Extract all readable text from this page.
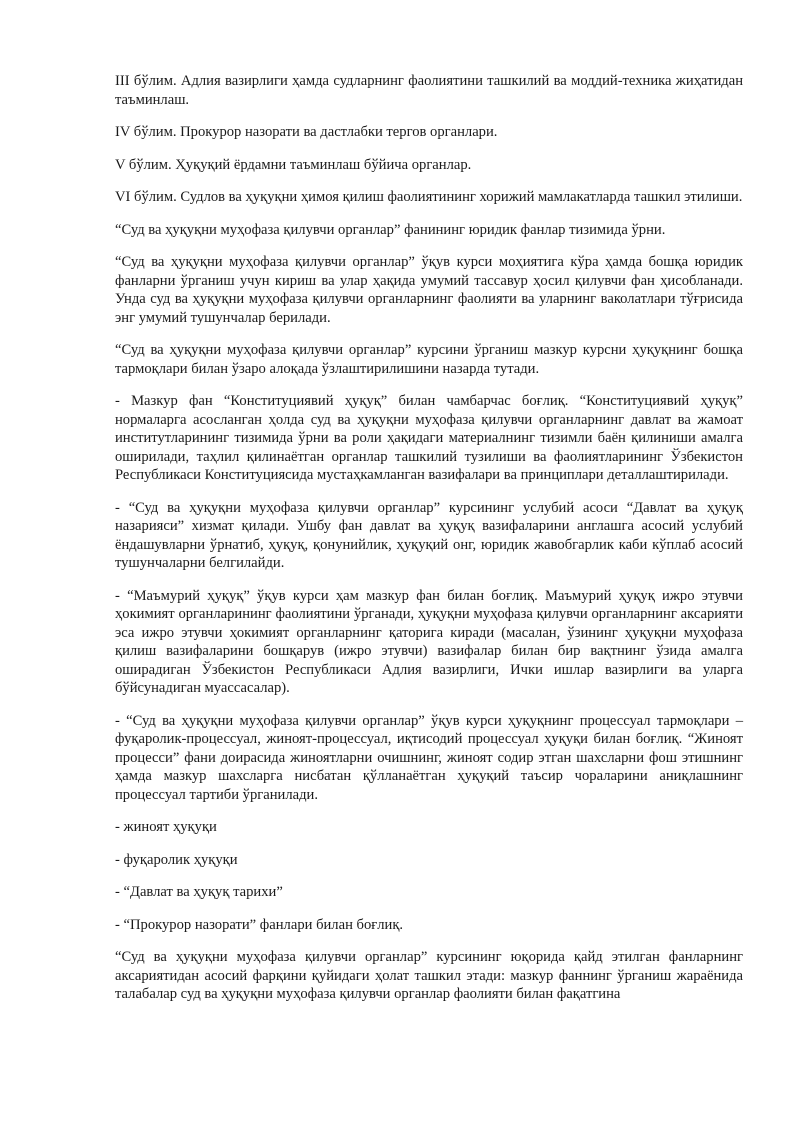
III бўлим. Адлия вазирлиги ҳамда судларнинг фаолиятини ташкилий ва моддий-техника жиҳатидан таъминлаш.

IV бўлим. Прокурор назорати ва дастлабки тергов органлари.

V бўлим. Ҳуқуқий ёрдамни таъминлаш бўйича органлар.

VI бўлим. Судлов ва ҳуқуқни ҳимоя қилиш фаолиятининг хорижий мамлакатларда ташкил этилиши.

“Суд ва ҳуқуқни муҳофаза қилувчи органлар” фанининг юридик фанлар тизимида ўрни.

“Суд ва ҳуқуқни муҳофаза қилувчи органлар” ўқув курси моҳиятига кўра ҳамда бошқа юридик фанларни ўрганиш учун кириш ва улар ҳақида умумий тассавур ҳосил қилувчи фан ҳисобланади. Унда суд ва ҳуқуқни муҳофаза қилувчи органларнинг фаолияти ва уларнинг ваколатлари тўғрисида энг умумий тушунчалар берилади.

“Суд ва ҳуқуқни муҳофаза қилувчи органлар” курсини ўрганиш мазкур курсни ҳуқуқнинг бошқа тармоқлари билан ўзаро алоқада ўзлаштирилишини назарда тутади.

- Мазкур фан “Конституциявий ҳуқуқ” билан чамбарчас боғлиқ. “Конституциявий ҳуқуқ” нормаларга асосланган ҳолда суд ва ҳуқуқни муҳофаза қилувчи органларнинг давлат ва жамоат институтларининг тизимида ўрни ва роли ҳақидаги материалнинг тизимли баён қилиниши амалга оширилади, таҳлил қилинаётган органлар ташкилий тузилиши ва фаолиятларининг Ўзбекистон Республикаси Конституциясида мустаҳкамланган вазифалари ва принциплари деталлаштирилади.

- “Суд ва ҳуқуқни муҳофаза қилувчи органлар” курсининг услубий асоси “Давлат ва ҳуқуқ назарияси” хизмат қилади. Ушбу фан давлат ва ҳуқуқ вазифаларини англашга асосий услубий ёндашувларни ўрнатиб, ҳуқуқ, қонунийлик, ҳуқуқий онг, юридик жавобгарлик каби кўплаб асосий тушунчаларни белгилайди.

- “Маъмурий ҳуқуқ” ўқув курси ҳам мазкур фан билан боғлиқ. Маъмурий ҳуқуқ ижро этувчи ҳокимият органларининг фаолиятини ўрганади, ҳуқуқни муҳофаза қилувчи органларнинг аксарияти эса ижро этувчи ҳокимият органларнинг қаторига киради (масалан, ўзининг ҳуқуқни муҳофаза қилиш вазифаларини бошқарув (ижро этувчи) вазифалар билан бир вақтнинг ўзида амалга оширадиган Ўзбекистон Республикаси Адлия вазирлиги, Ички ишлар вазирлиги ва уларга бўйсунадиган муассасалар).

- “Суд ва ҳуқуқни муҳофаза қилувчи органлар” ўқув курси ҳуқуқнинг процессуал тармоқлари – фуқаролик-процессуал, жиноят-процессуал, иқтисодий процессуал ҳуқуқи билан боғлиқ. “Жиноят процесси” фани доирасида жиноятларни очишнинг, жиноят содир этган шахсларни фош этишнинг ҳамда мазкур шахсларга нисбатан қўлланаётган ҳуқуқий таъсир чораларини аниқлашнинг процессуал тартиби ўрганилади.

- жиноят ҳуқуқи

- фуқаролик ҳуқуқи

- “Давлат ва ҳуқуқ тарихи”

- “Прокурор назорати” фанлари билан боғлиқ.

“Суд ва ҳуқуқни муҳофаза қилувчи органлар” курсининг юқорида қайд этилган фанларнинг аксариятидан асосий фарқини қуйидаги ҳолат ташкил этади: мазкур фаннинг ўрганиш жараёнида талабалар суд ва ҳуқуқни муҳофаза қилувчи органлар фаолияти билан фақатгина
